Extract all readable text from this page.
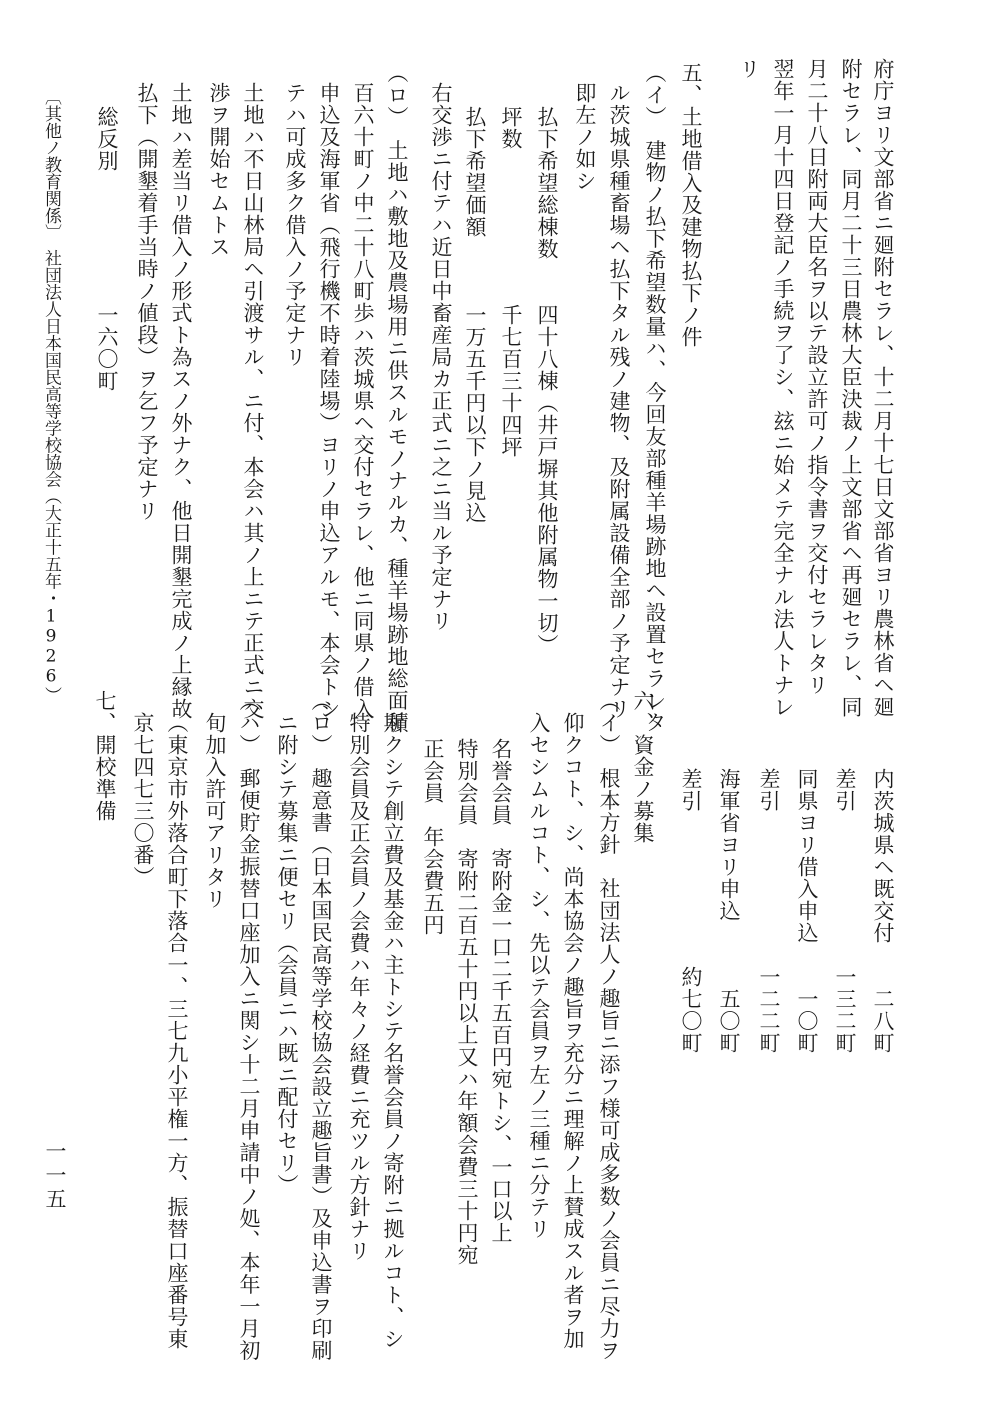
府庁ヨリ文部省ニ廻附セラレ、十二月十七日文部省ヨリ農林省ヘ廻
附セラレ、同月二十三日農林大臣決裁ノ上文部省ヘ再廻セラレ、同
月二十八日附両大臣名ヲ以テ設立許可ノ指令書ヲ交付セラレタリ
翌年一月十四日登記ノ手続ヲ了シ、玆ニ始メテ完全ナル法人トナレ
リ
五、土地借入及建物払下ノ件
（イ）　建物ノ払下希望数量ハ、今回友部種羊場跡地ヘ設置セラレタ
ル茨城県種畜場ヘ払下タル残ノ建物、及附属設備全部ノ予定ナリ
即左ノ如シ
払下希望総棟数　　四十八棟（井戸塀其他附属物一切）
坪数　　　　　　　千七百三十四坪
払下希望価額　　　一万五千円以下ノ見込
右交渉ニ付テハ近日中畜産局カ正式ニ之ニ当ル予定ナリ
（ロ）　土地ハ敷地及農場用ニ供スルモノナルカ、種羊場跡地総面積
百六十町ノ中二十八町歩ハ茨城県ヘ交付セラレ、他ニ同県ノ借入
申込及海軍省（飛行機不時着陸場）ヨリノ申込アルモ、本会トシ
テハ可成多ク借入ノ予定ナリ
土地ハ不日山林局ヘ引渡サル、ニ付、本会ハ其ノ上ニテ正式ニ交
渉ヲ開始セムトス
土地ハ差当リ借入ノ形式ト為スノ外ナク、他日開墾完成ノ上縁故
払下（開墾着手当時ノ値段）ヲ乞フ予定ナリ
総反別　　　　　　一六〇町
〔其他ノ教育関係〕　社団法人日本国民高等学校協会（大正十五年・1926）
内茨城県ヘ既交付　　二八町
差引　　　　　　　一三二町
同県ヨリ借入申込　　一〇町
差引　　　　　　　一二二町
海軍省ヨリ申込　　　五〇町
差引　　　　　　　約七〇町
六、資金ノ募集
（イ）　根本方針　社団法人ノ趣旨ニ添フ様可成多数ノ会員ニ尽力ヲ
仰クコト、シ、尚本協会ノ趣旨ヲ充分ニ理解ノ上賛成スル者ヲ加
入セシムルコト、シ、先以テ会員ヲ左ノ三種ニ分テリ
名誉会員　寄附金一口二千五百円宛トシ、一口以上
特別会員　寄附二百五十円以上又ハ年額会費三十円宛
正会員　年会費五円
斯クシテ創立費及基金ハ主トシテ名誉会員ノ寄附ニ拠ルコト、シ
特別会員及正会員ノ会費ハ年々ノ経費ニ充ツル方針ナリ
（ロ）　趣意書（日本国民高等学校協会設立趣旨書）及申込書ヲ印刷
ニ附シテ募集ニ便セリ（会員ニハ既ニ配付セリ）
（ハ）　郵便貯金振替口座加入ニ関シ十二月申請中ノ処、本年一月初
旬加入許可アリタリ
（東京市外落合町下落合一、三七九小平権一方、振替口座番号東
京七四七三〇番）
七、開校準備
一一五
